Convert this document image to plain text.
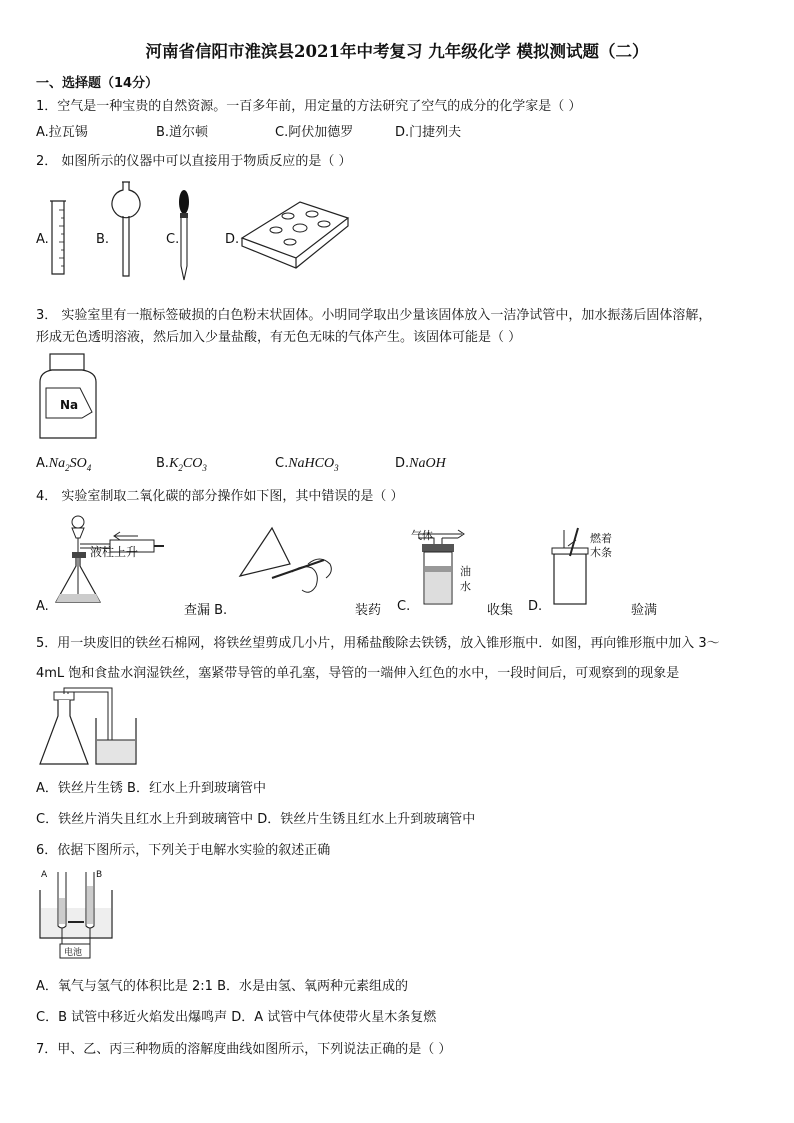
河南省信阳市淮滨县2021年中考复习 九年级化学 模拟测试题（二）
一、选择题（14分）
1．空气是一种宝贵的自然资源。一百多年前，用定量的方法研究了空气的成分的化学家是（ ）
A.拉瓦锡	B.道尔顿	C.阿伏加德罗	D.门捷列夫
2． 如图所示的仪器中可以直接用于物质反应的是（ ）
A.	B.	C.	D.
3． 实验室里有一瓶标签破损的白色粉末状固体。小明同学取出少量该固体放入一洁净试管中，加水振荡后固体溶解，
形成无色透明溶液，然后加入少量盐酸，有无色无味的气体产生。该固体可能是（ ）
Na
$A.Na_2SO_4$	$B.K_2CO_3$	C.NaHCO$_3$	D.NaOH
4． 实验室制取二氧化碳的部分操作如下图，其中错误的是（ ）
液柱上升
气体
油
水
燃着
木条
A.	查漏 B.	装药 C.	收集 D.	验满
5．用一块废旧的铁丝石棉网，将铁丝望剪成几小片，用稀盐酸除去铁锈，放入锥形瓶中．如图，再向锥形瓶中加入 3～
4mL 饱和食盐水润湿铁丝，塞紧带导管的单孔塞，导管的一端伸入红色的水中，一段时间后，可观察到的现象是
A．铁丝片生锈 B．红水上升到玻璃管中
C．铁丝片消失且红水上升到玻璃管中 D．铁丝片生锈且红水上升到玻璃管中
6．依据下图所示，下列关于电解水实验的叙述正确
A	B
电池
A．氧气与氢气的体积比是 2:1 B．水是由氢、氧两种元素组成的
C．B 试管中移近火焰发出爆鸣声 D．A 试管中气体使带火星木条复燃
7．甲、乙、丙三种物质的溶解度曲线如图所示，下列说法正确的是（ ）
